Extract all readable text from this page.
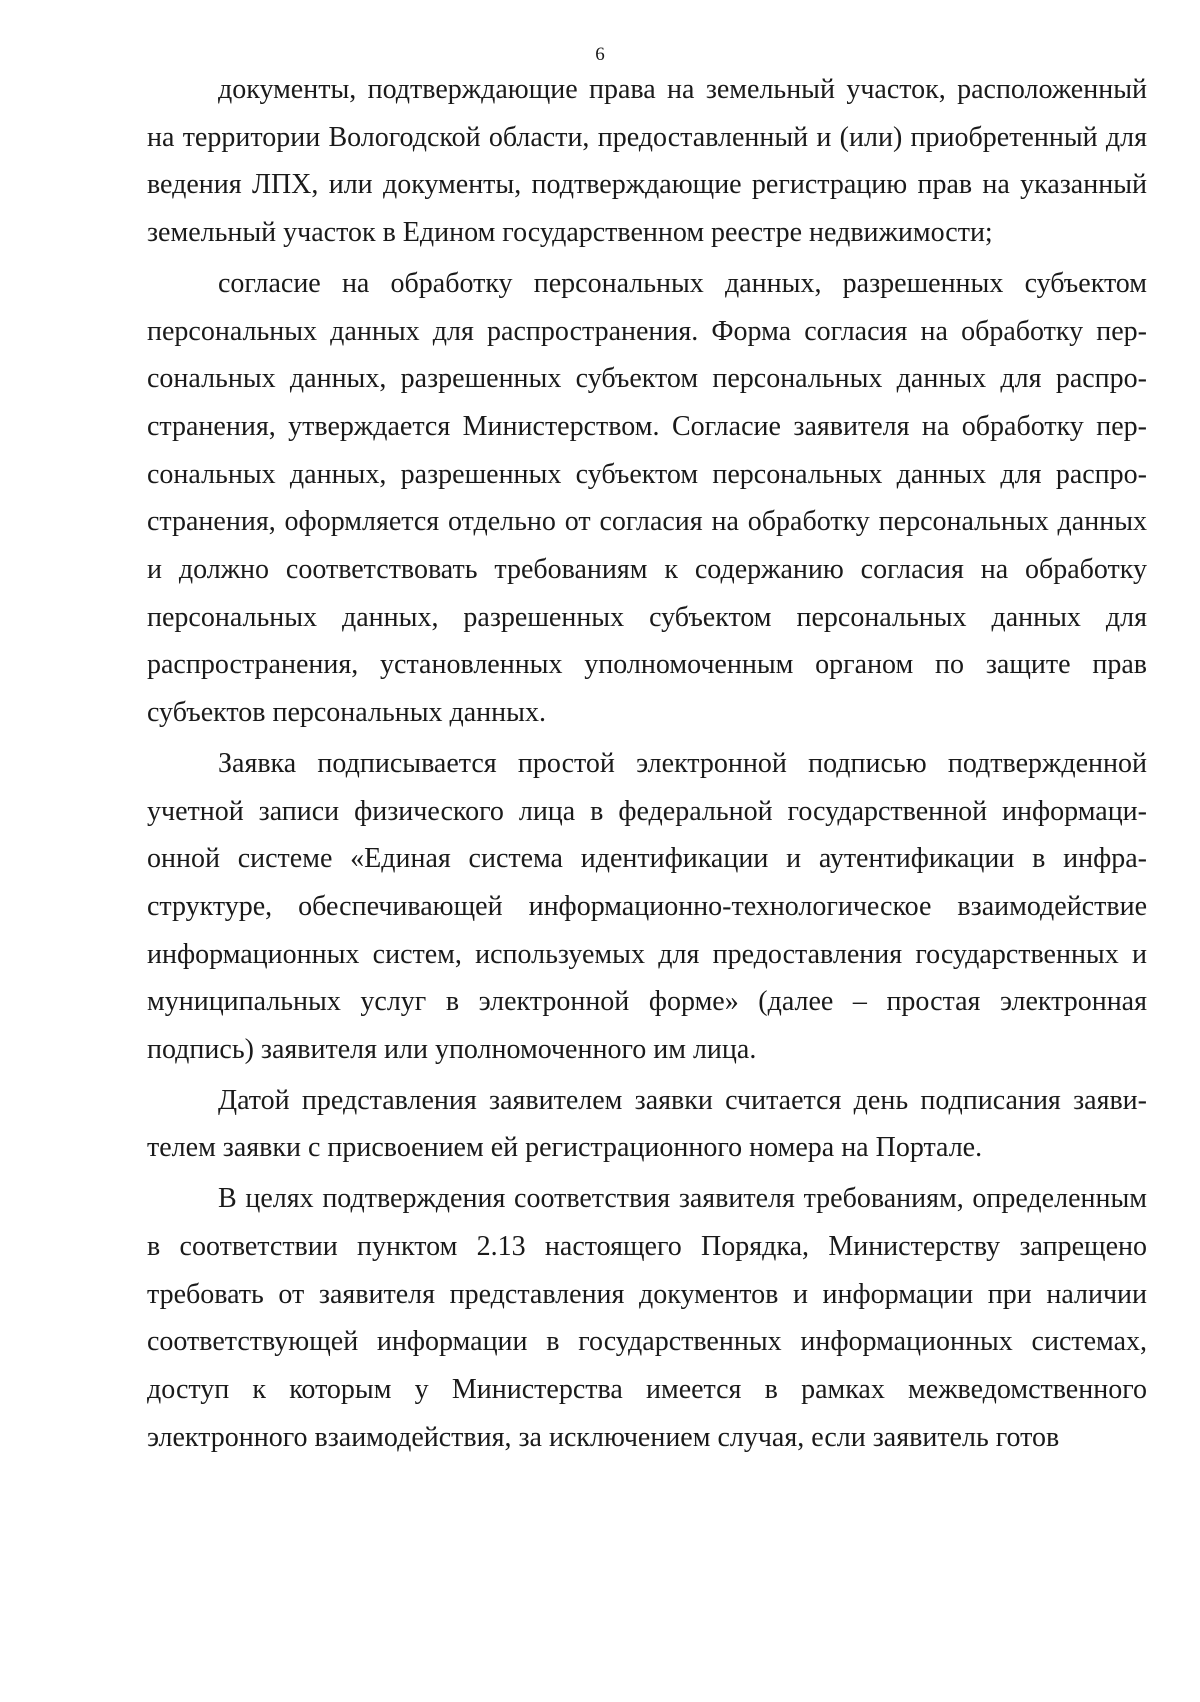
6

документы, подтверждающие права на земельный участок, расположенный на территории Вологодской области, предоставленный и (или) приобретенный для ведения ЛПХ, или документы, подтверждающие регистрацию прав на указанный земельный участок в Едином государственном реестре недвижимости;

согласие на обработку персональных данных, разрешенных субъектом персональных данных для распространения. Форма согласия на обработку персональных данных, разрешенных субъектом персональных данных для распространения, утверждается Министерством. Согласие заявителя на обработку персональных данных, разрешенных субъектом персональных данных для распространения, оформляется отдельно от согласия на обработку персональных данных и должно соответствовать требованиям к содержанию согласия на обработку персональных данных, разрешенных субъектом персональных данных для распространения, установленных уполномоченным органом по защите прав субъектов персональных данных.

Заявка подписывается простой электронной подписью подтвержденной учетной записи физического лица в федеральной государственной информационной системе «Единая система идентификации и аутентификации в инфраструктуре, обеспечивающей информационно-технологическое взаимодействие информационных систем, используемых для предоставления государственных и муниципальных услуг в электронной форме» (далее – простая электронная подпись) заявителя или уполномоченного им лица.

Датой представления заявителем заявки считается день подписания заявителем заявки с присвоением ей регистрационного номера на Портале.

В целях подтверждения соответствия заявителя требованиям, определенным в соответствии пунктом 2.13 настоящего Порядка, Министерству запрещено требовать от заявителя представления документов и информации при наличии соответствующей информации в государственных информационных системах, доступ к которым у Министерства имеется в рамках межведомственного электронного взаимодействия, за исключением случая, если заявитель готов
